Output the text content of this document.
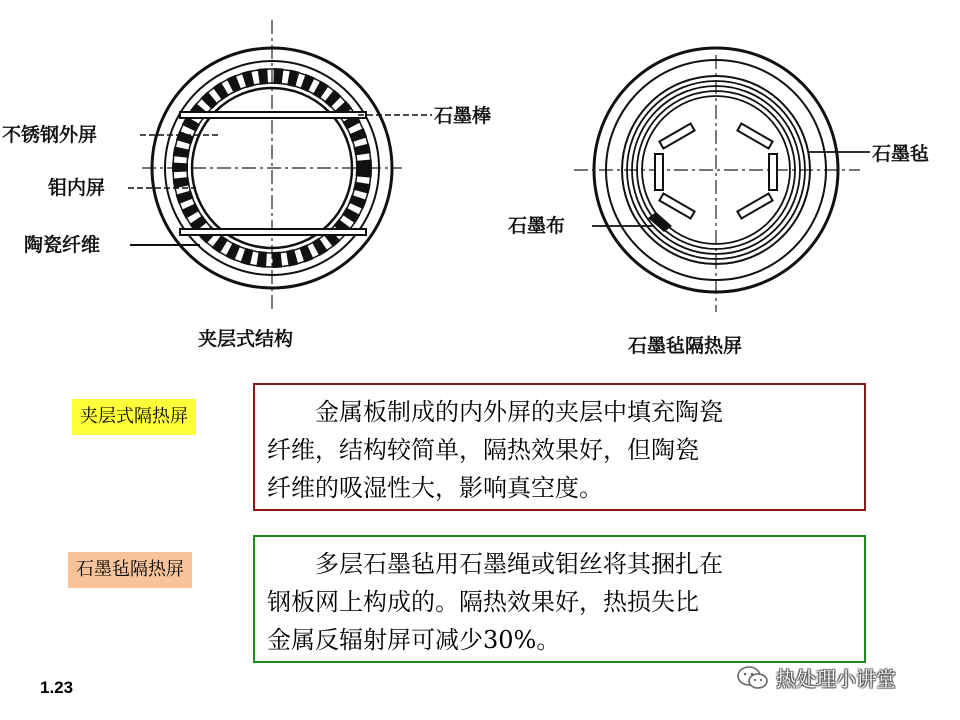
不锈钢外屏
钼内屏
陶瓷纤维
石墨棒
夹层式结构
石墨毡
石墨布
石墨毡隔热屏
夹层式隔热屏	金属板制成的内外屏的夹层中填充陶瓷
纤维，结构较简单，隔热效果好，但陶瓷
纤维的吸湿性大，影响真空度。
石墨毡隔热屏	多层石墨毡用石墨绳或钼丝将其捆扎在
钢板网上构成的。隔热效果好，热损失比
金属反辐射屏可减少30%。
1.23	热处理小讲堂
